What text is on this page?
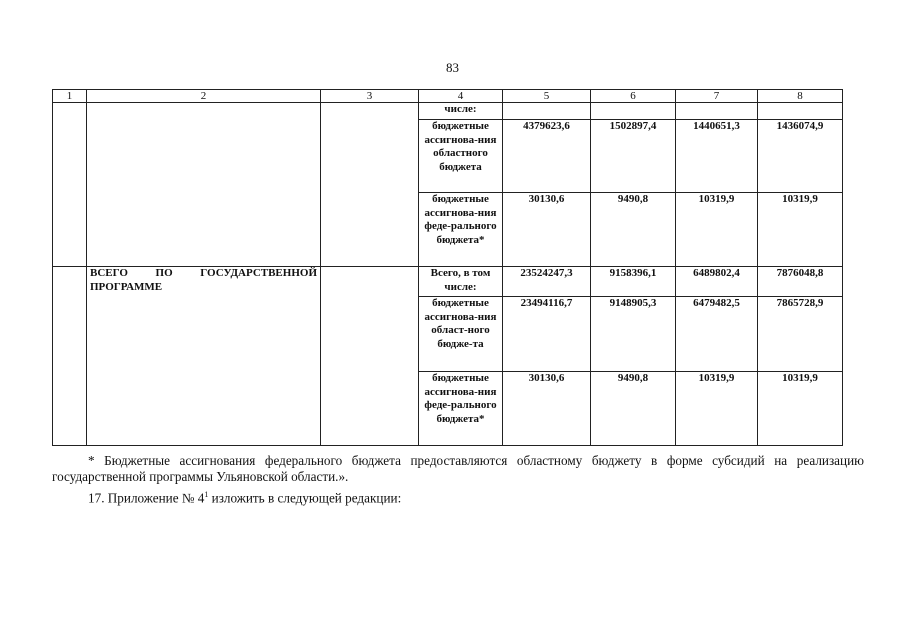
83
1	2	3	4	5	6	7	8
			числе:				
			бюджетные ассигнова-ния областного бюджета	4379623,6	1502897,4	1440651,3	1436074,9
			бюджетные ассигнова-ния феде-рального бюджета*	30130,6	9490,8	10319,9	10319,9
	ВСЕГО ПО ГОСУДАРСТВЕННОЙ ПРОГРАММЕ		Всего, в том числе:	23524247,3	9158396,1	6489802,4	7876048,8
			бюджетные ассигнова-ния област-ного бюдже-та	23494116,7	9148905,3	6479482,5	7865728,9
			бюджетные ассигнова-ния феде-рального бюджета*	30130,6	9490,8	10319,9	10319,9
* Бюджетные ассигнования федерального бюджета предоставляются областному бюджету в форме субсидий на реализацию государственной программы Ульяновской области.».
17. Приложение № $4^1$ изложить в следующей редакции:
